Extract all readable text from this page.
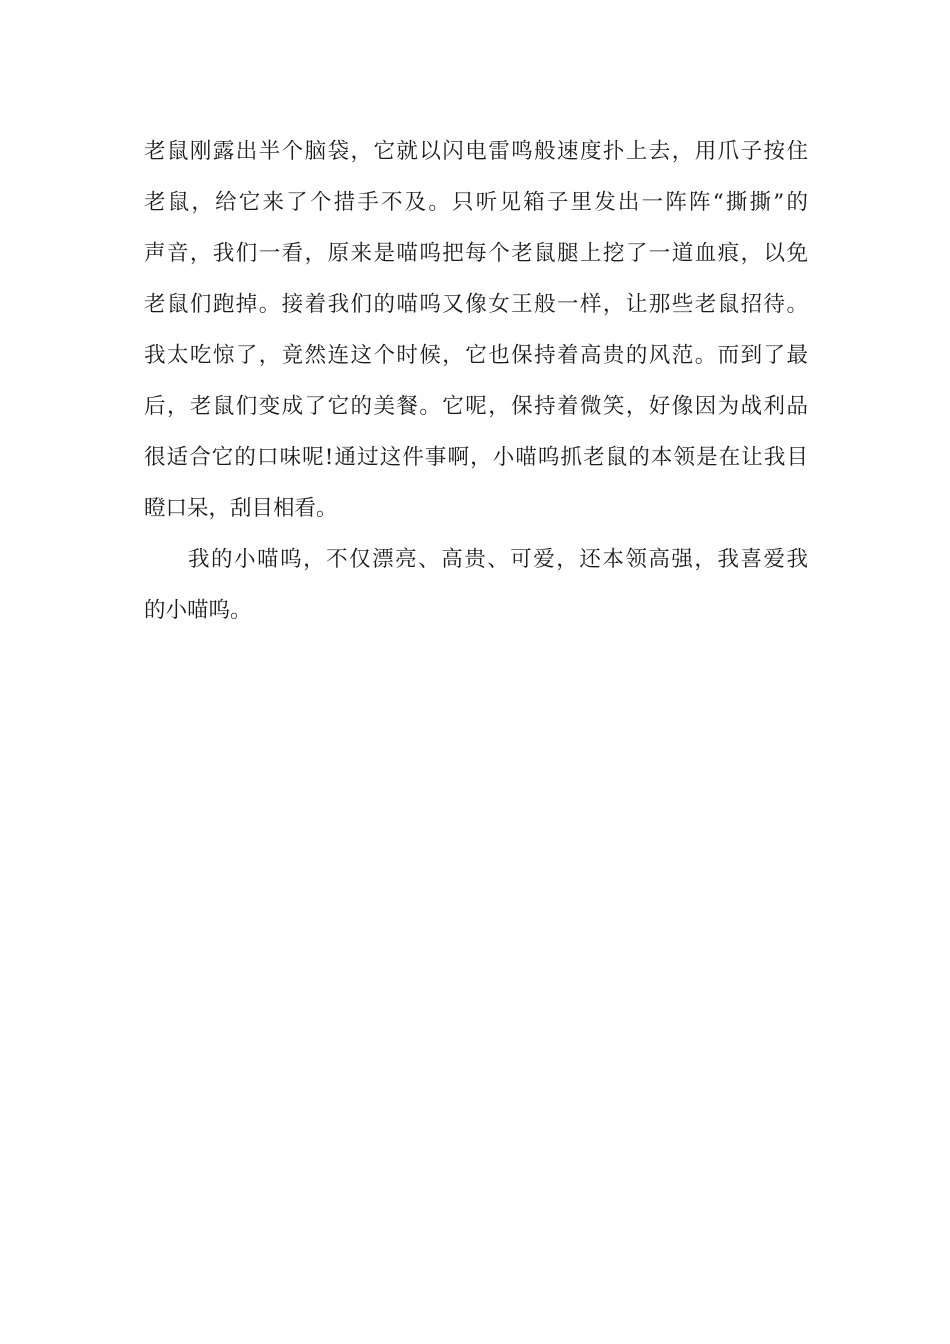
老鼠刚露出半个脑袋，它就以闪电雷鸣般速度扑上去，用爪子按住
老鼠，给它来了个措手不及。只听见箱子里发出一阵阵“撕撕”的
声音，我们一看，原来是喵呜把每个老鼠腿上挖了一道血痕，以免
老鼠们跑掉。接着我们的喵呜又像女王般一样，让那些老鼠招待。
我太吃惊了，竟然连这个时候，它也保持着高贵的风范。而到了最
后，老鼠们变成了它的美餐。它呢，保持着微笑，好像因为战利品
很适合它的口味呢!通过这件事啊，小喵呜抓老鼠的本领是在让我目
瞪口呆，刮目相看。
我的小喵呜，不仅漂亮、高贵、可爱，还本领高强，我喜爱我
的小喵呜。
